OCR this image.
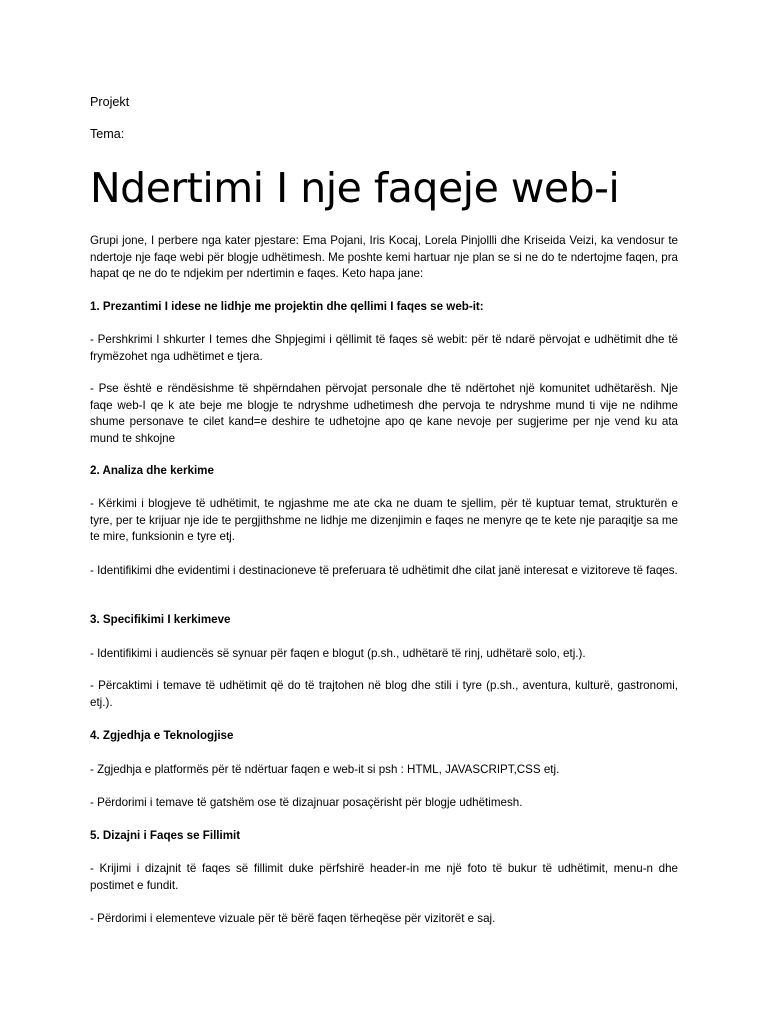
Projekt

Tema:

Ndertimi I nje faqeje web-i

Grupi jone, I perbere nga kater pjestare: Ema Pojani, Iris Kocaj, Lorela Pinjollli dhe Kriseida Veizi, ka vendosur te ndertoje nje faqe webi për blogje udhëtimesh. Me poshte kemi hartuar nje plan se si ne do te ndertojme faqen, pra hapat qe ne do te ndjekim per ndertimin e faqes. Keto hapa jane:

1. Prezantimi I idese ne lidhje me projektin dhe qellimi I faqes se web-it:

- Pershkrimi I shkurter I temes dhe Shpjegimi i qëllimit të faqes së webit: për të ndarë përvojat e udhëtimit dhe të frymëzohet nga udhëtimet e tjera.

- Pse është e rëndësishme të shpërndahen përvojat personale dhe të ndërtohet një komunitet udhëtarësh. Nje faqe web-I qe k ate beje me blogje te ndryshme udhetimesh dhe pervoja te ndryshme mund ti vije ne ndihme shume personave te cilet kand=e deshire te udhetojne apo qe kane nevoje per sugjerime per nje vend ku ata mund te shkojne

2. Analiza dhe kerkime

- Kërkimi i blogjeve të udhëtimit, te ngjashme me ate cka ne duam te sjellim, për të kuptuar temat, strukturën e tyre, per te krijuar nje ide te pergjithshme ne lidhje me dizenjimin e faqes ne menyre qe te kete nje paraqitje sa me te mire, funksionin e tyre etj.

- Identifikimi dhe evidentimi i destinacioneve të preferuara të udhëtimit dhe cilat janë interesat e vizitoreve të faqes.

3. Specifikimi I kerkimeve

- Identifikimi i audiencës së synuar për faqen e blogut (p.sh., udhëtarë të rinj, udhëtarë solo, etj.).

- Përcaktimi i temave të udhëtimit që do të trajtohen në blog dhe stili i tyre (p.sh., aventura, kulturë, gastronomi, etj.).

4. Zgjedhja e Teknologjise

- Zgjedhja e platformës për të ndërtuar faqen e web-it si psh : HTML, JAVASCRIPT,CSS etj.

- Përdorimi i temave të gatshëm ose të dizajnuar posaçërisht për blogje udhëtimesh.

5. Dizajni i Faqes se Fillimit

- Krijimi i dizajnit të faqes së fillimit duke përfshirë header-in me një foto të bukur të udhëtimit, menu-n dhe postimet e fundit.

- Përdorimi i elementeve vizuale për të bërë faqen tërheqëse për vizitorët e saj.
